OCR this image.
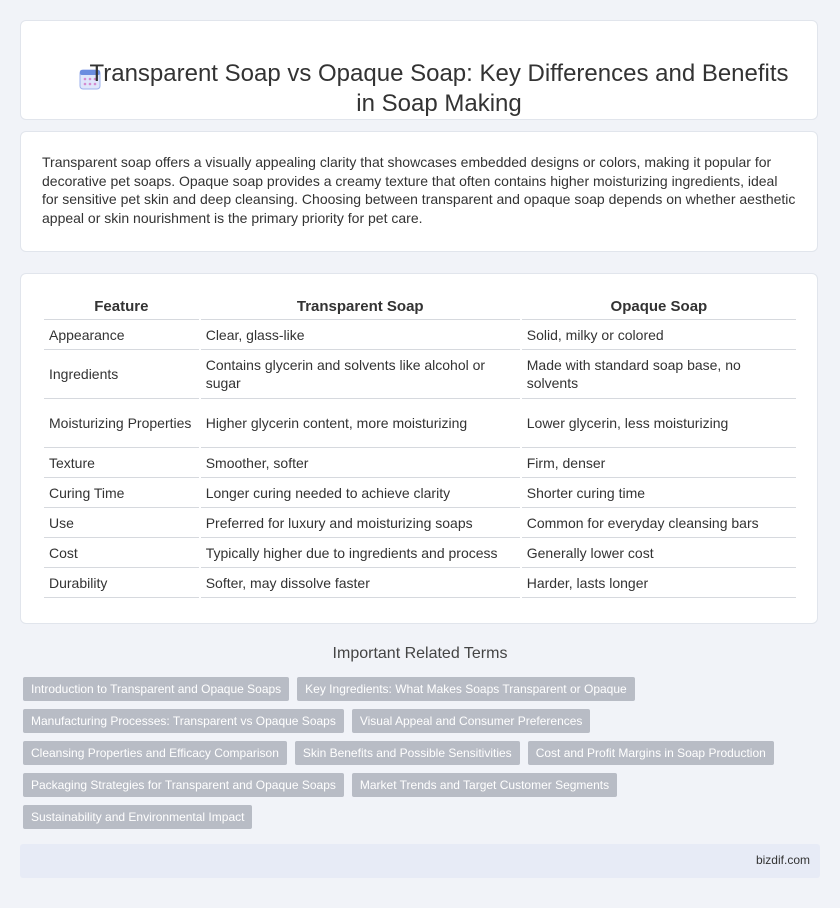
Transparent Soap vs Opaque Soap: Key Differences and Benefits in Soap Making

Transparent soap offers a visually appealing clarity that showcases embedded designs or colors, making it popular for decorative pet soaps. Opaque soap provides a creamy texture that often contains higher moisturizing ingredients, ideal for sensitive pet skin and deep cleansing. Choosing between transparent and opaque soap depends on whether aesthetic appeal or skin nourishment is the primary priority for pet care.

Feature	Transparent Soap	Opaque Soap
Appearance	Clear, glass-like	Solid, milky or colored
Ingredients	Contains glycerin and solvents like alcohol or sugar	Made with standard soap base, no solvents
Moisturizing Properties	Higher glycerin content, more moisturizing	Lower glycerin, less moisturizing
Texture	Smoother, softer	Firm, denser
Curing Time	Longer curing needed to achieve clarity	Shorter curing time
Use	Preferred for luxury and moisturizing soaps	Common for everyday cleansing bars
Cost	Typically higher due to ingredients and process	Generally lower cost
Durability	Softer, may dissolve faster	Harder, lasts longer
Important Related Terms
Introduction to Transparent and Opaque Soaps	Key Ingredients: What Makes Soaps Transparent or Opaque
Manufacturing Processes: Transparent vs Opaque Soaps	Visual Appeal and Consumer Preferences
Cleansing Properties and Efficacy Comparison	Skin Benefits and Possible Sensitivities	Cost and Profit Margins in Soap Production
Packaging Strategies for Transparent and Opaque Soaps	Market Trends and Target Customer Segments
Sustainability and Environmental Impact
bizdif.com
